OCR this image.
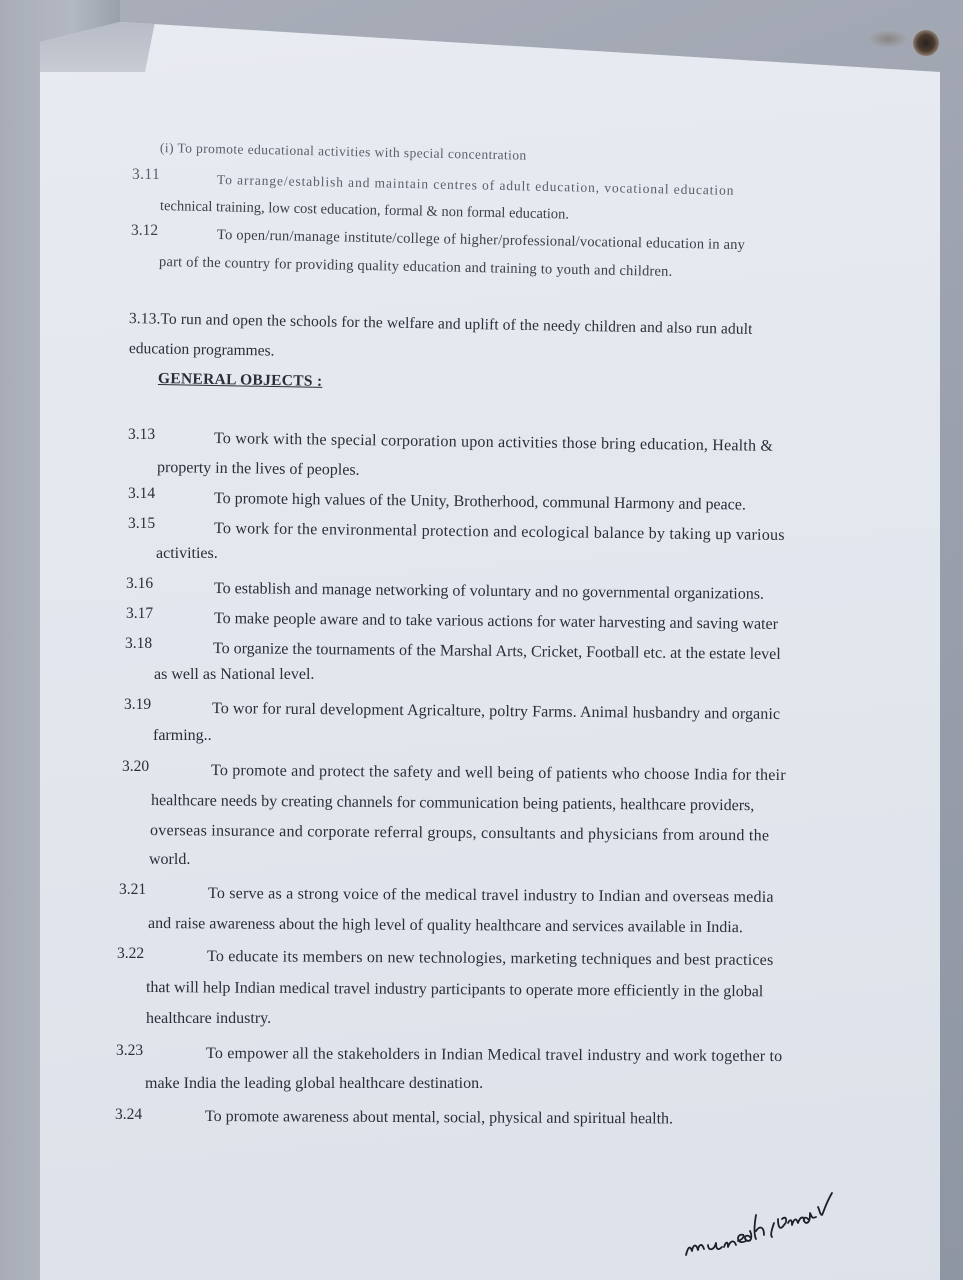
(i) To promote educational activities with special concentration
3.11	To arrange/establish and maintain centres of adult education, vocational education
technical training, low cost education, formal & non formal education.
3.12	To open/run/manage institute/college of higher/professional/vocational education in any
part of the country for providing quality education and training to youth and children.
3.13.To run and open the schools for the welfare and uplift of the needy children and also run adult
education programmes.
GENERAL OBJECTS :
3.13	To work with the special corporation upon activities those bring education, Health &
property in the lives of peoples.
3.14	To promote high values of the Unity, Brotherhood, communal Harmony and peace.
3.15	To work for the environmental protection and ecological balance by taking up various
activities.
3.16	To establish and manage networking of voluntary and no governmental organizations.
3.17	To make people aware and to take various actions for water harvesting and saving water
3.18	To organize the tournaments of the Marshal Arts, Cricket, Football etc. at the estate level
as well as National level.
3.19	To wor for rural development Agricalture, poltry Farms. Animal husbandry and organic
farming..
3.20	To promote and protect the safety and well being of patients who choose India for their
healthcare needs by creating channels for communication being patients, healthcare providers,
overseas insurance and corporate referral groups, consultants and physicians from around the
world.
3.21	To serve as a strong voice of the medical travel industry to Indian and overseas media
and raise awareness about the high level of quality healthcare and services available in India.
3.22	To educate its members on new technologies, marketing techniques and best practices
that will help Indian medical travel industry participants to operate more efficiently in the global
healthcare industry.
3.23	To empower all the stakeholders in Indian Medical travel industry and work together to
make India the leading global healthcare destination.
3.24	To promote awareness about mental, social, physical and spiritual health.
